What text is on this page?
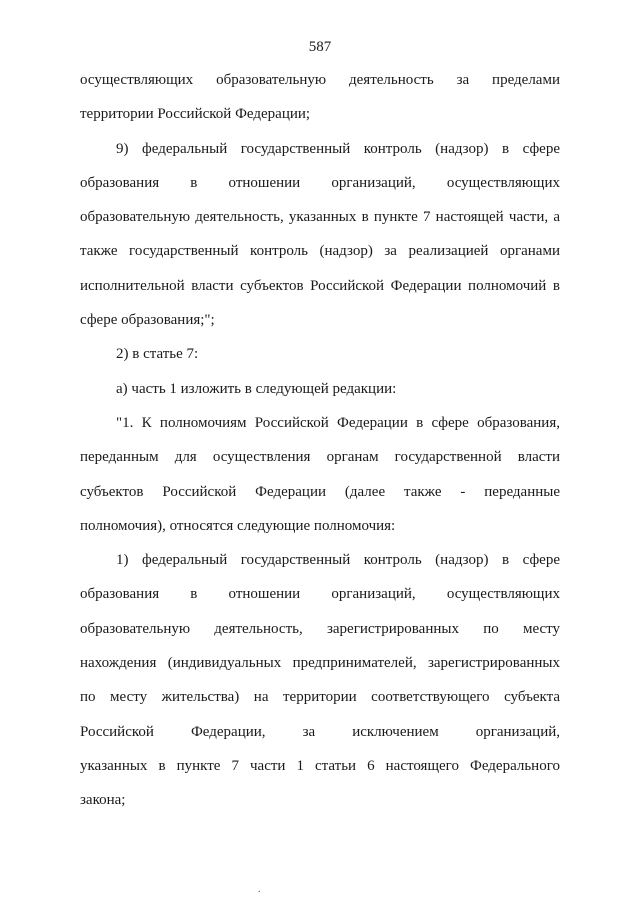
587
осуществляющих образовательную деятельность за пределами
территории Российской Федерации;
9) федеральный государственный контроль (надзор) в сфере
образования в отношении организаций, осуществляющих
образовательную деятельность, указанных в пункте 7 настоящей части, а
также государственный контроль (надзор) за реализацией органами
исполнительной власти субъектов Российской Федерации полномочий в
сфере образования;";
2) в статье 7:
а) часть 1 изложить в следующей редакции:
"1. К полномочиям Российской Федерации в сфере образования,
переданным для осуществления органам государственной власти
субъектов Российской Федерации (далее также - переданные
полномочия), относятся следующие полномочия:
1) федеральный государственный контроль (надзор) в сфере
образования в отношении организаций, осуществляющих
образовательную деятельность, зарегистрированных по месту
нахождения (индивидуальных предпринимателей, зарегистрированных
по месту жительства) на территории соответствующего субъекта
Российской Федерации, за исключением организаций,
указанных в пункте 7 части 1 статьи 6 настоящего Федерального
закона;
.
